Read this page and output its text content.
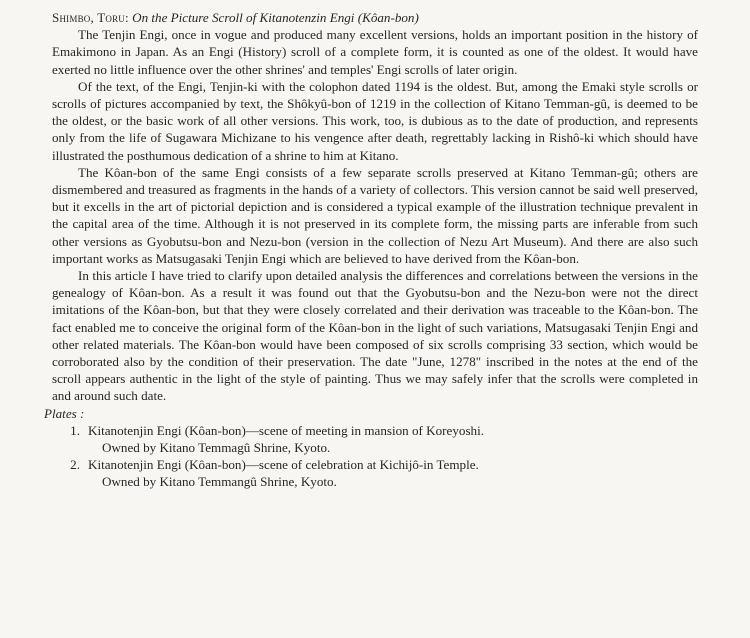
Shimbo, Toru: On the Picture Scroll of Kitanotenzin Engi (Kôan-bon)

The Tenjin Engi, once in vogue and produced many excellent versions, holds an important position in the history of Emakimono in Japan. As an Engi (History) scroll of a complete form, it is counted as one of the oldest. It would have exerted no little influence over the other shrines' and temples' Engi scrolls of later origin.

Of the text, of the Engi, Tenjin-ki with the colophon dated 1194 is the oldest. But, among the Emaki style scrolls or scrolls of pictures accompanied by text, the Shôkyû-bon of 1219 in the collection of Kitano Temman-gû, is deemed to be the oldest, or the basic work of all other versions. This work, too, is dubious as to the date of production, and represents only from the life of Sugawara Michizane to his vengence after death, regrettably lacking in Rishô-ki which should have illustrated the posthumous dedication of a shrine to him at Kitano.

The Kôan-bon of the same Engi consists of a few separate scrolls preserved at Kitano Temman-gû; others are dismembered and treasured as fragments in the hands of a variety of collectors. This version cannot be said well preserved, but it excells in the art of pictorial depiction and is considered a typical example of the illustration technique prevalent in the capital area of the time. Although it is not preserved in its complete form, the missing parts are inferable from such other versions as Gyobutsu-bon and Nezu-bon (version in the collection of Nezu Art Museum). And there are also such important works as Matsugasaki Tenjin Engi which are believed to have derived from the Kôan-bon.

In this article I have tried to clarify upon detailed analysis the differences and correlations between the versions in the genealogy of Kôan-bon. As a result it was found out that the Gyobutsu-bon and the Nezu-bon were not the direct imitations of the Kôan-bon, but that they were closely correlated and their derivation was traceable to the Kôan-bon. The fact enabled me to conceive the original form of the Kôan-bon in the light of such variations, Matsugasaki Tenjin Engi and other related materials. The Kôan-bon would have been composed of six scrolls comprising 33 section, which would be corroborated also by the condition of their preservation. The date "June, 1278" inscribed in the notes at the end of the scroll appears authentic in the light of the style of painting. Thus we may safely infer that the scrolls were completed in and around such date.

Plates :

1. Kitanotenjin Engi (Kôan-bon)—scene of meeting in mansion of Koreyoshi.
Owned by Kitano Temmagû Shrine, Kyoto.
2. Kitanotenjin Engi (Kôan-bon)—scene of celebration at Kichijô-in Temple.
Owned by Kitano Temmangû Shrine, Kyoto.
